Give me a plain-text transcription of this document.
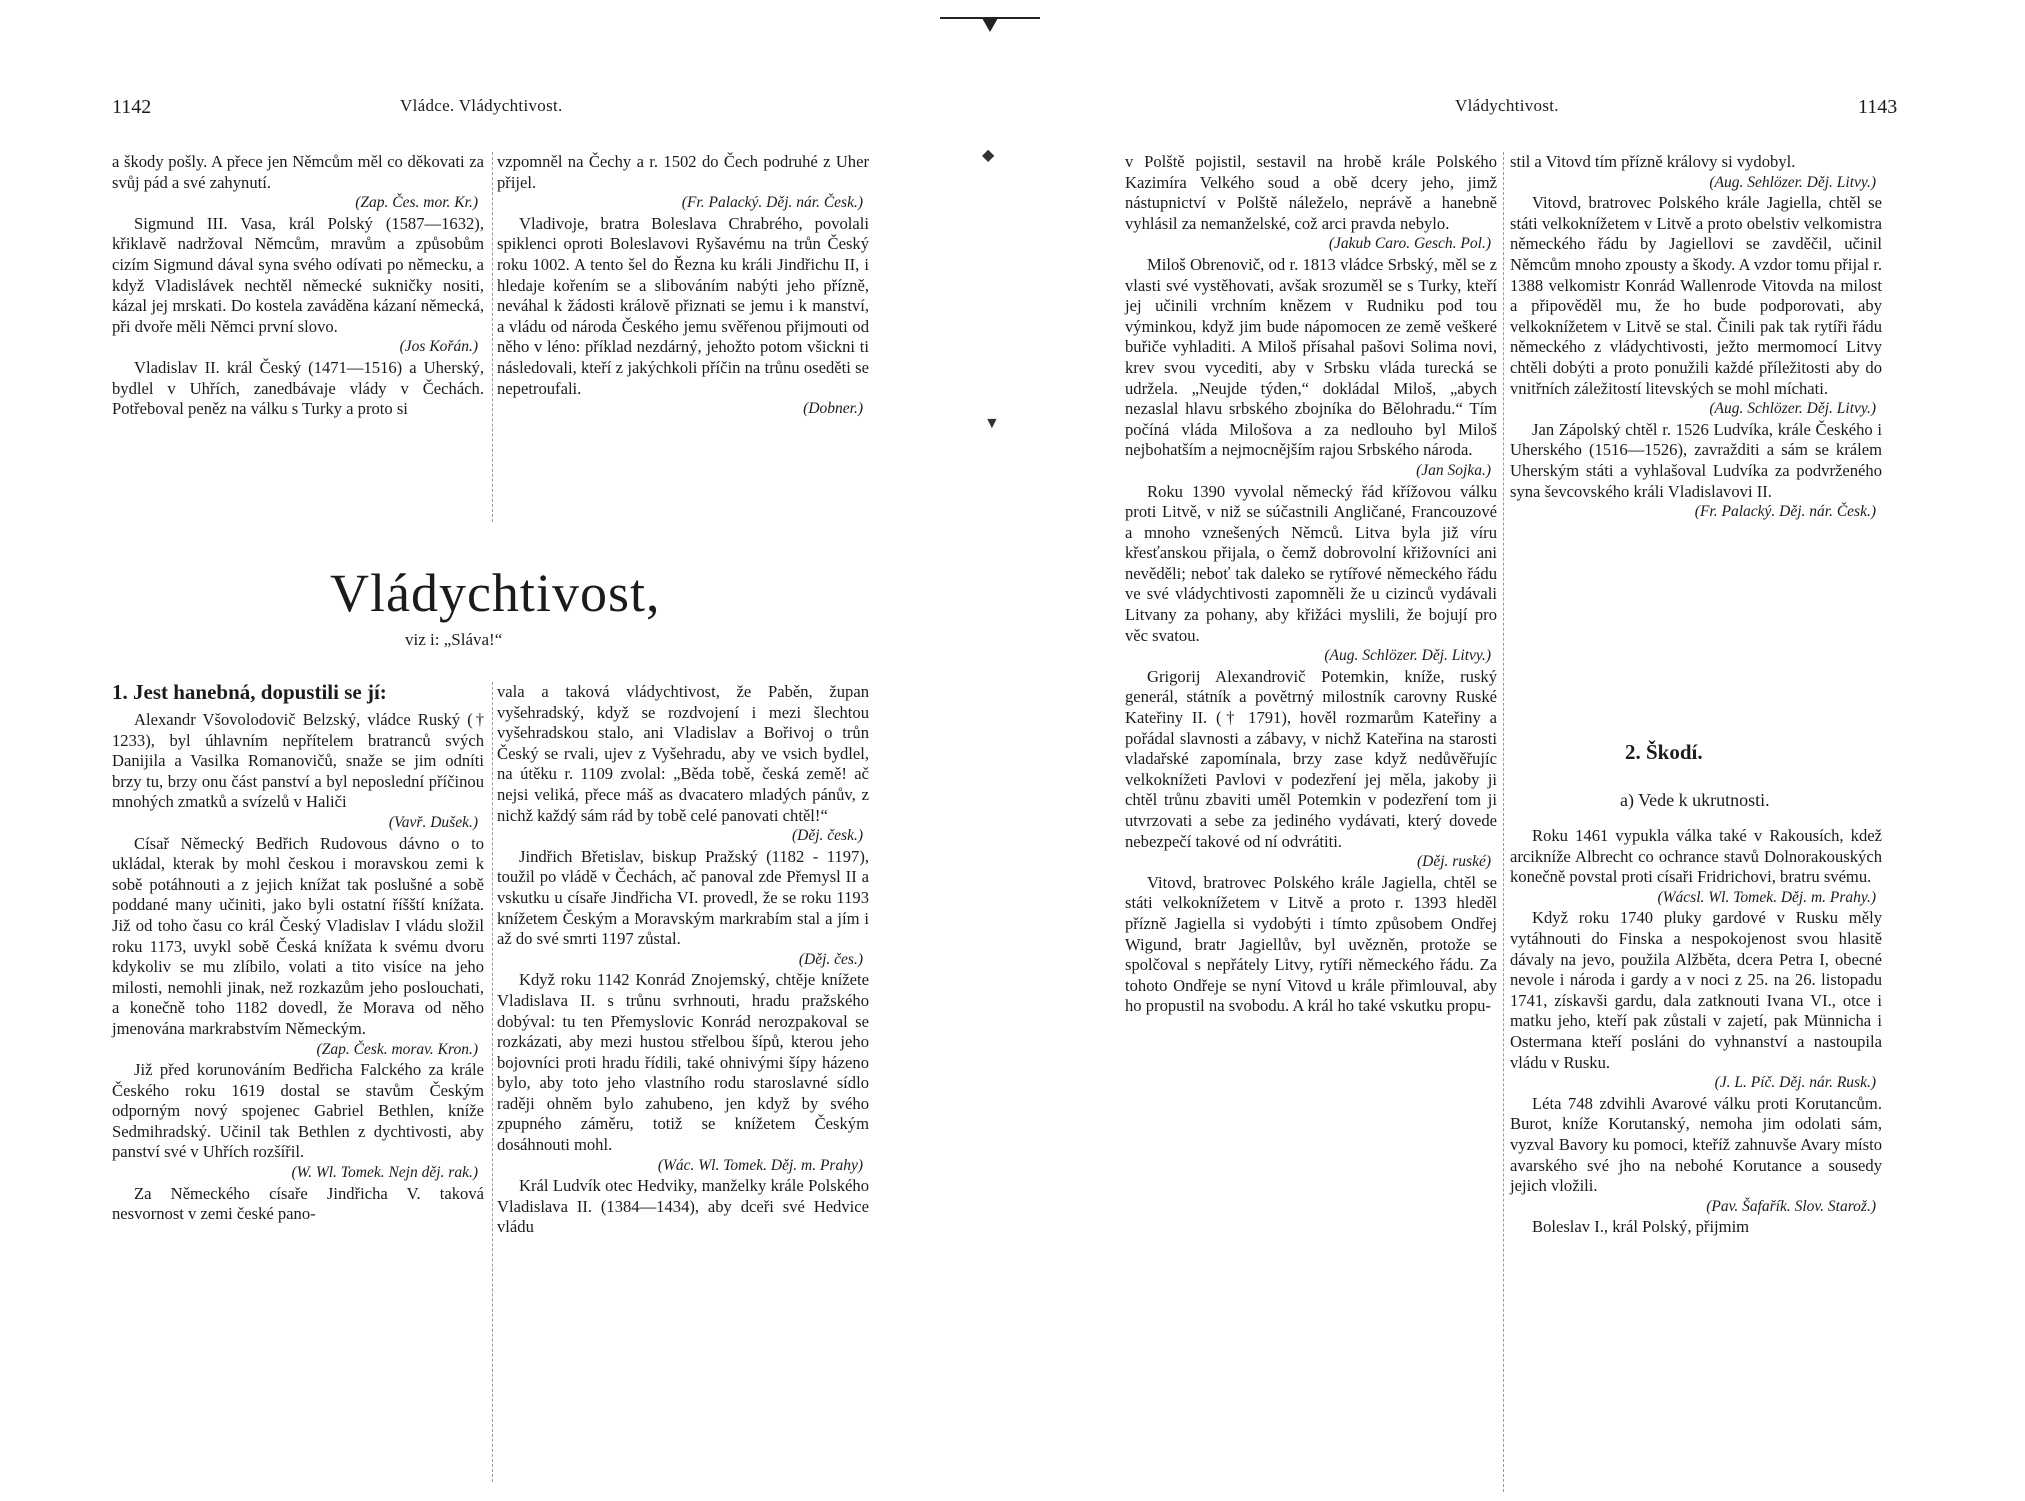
1142	Vládce. Vládychtivost.

a škody pošly. A přece jen Němcům měl co děkovati za svůj pád a své zahynutí.

(Zap. Čes. mor. Kr.)

Sigmund III. Vasa, král Polský (1587—1632), křiklavě nadržoval Němcům, mravům a způsobům cizím Sigmund dával syna svého odívati po německu, a když Vladislávek nechtěl německé sukničky nositi, kázal jej mrskati. Do kostela zaváděna kázaní německá, při dvoře měli Němci první slovo.

(Jos Kořán.)

Vladislav II. král Český (1471—1516) a Uherský, bydlel v Uhřích, zanedbávaje vlády v Čechách. Potřeboval peněz na válku s Turky a proto si

vzpomněl na Čechy a r. 1502 do Čech podruhé z Uher přijel.

(Fr. Palacký. Děj. nár. Česk.)

Vladivoje, bratra Boleslava Chrabrého, povolali spiklenci oproti Boleslavovi Ryšavému na trůn Český roku 1002. A tento šel do Řezna ku králi Jindřichu II, i hledaje kořením se a slibováním nabýti jeho přízně, neváhal k žádosti králově přiznati se jemu i k manství, a vládu od národa Českého jemu svěřenou přijmouti od něho v léno: příklad nezdárný, jehožto potom všickni ti následovali, kteří z jakýchkoli příčin na trůnu oseděti se nepetroufali.

(Dobner.)

Vládychtivost,
viz i: „Sláva!“
1. Jest hanebná, dopustili se jí:

Alexandr Všovolodovič Belzský, vládce Ruský († 1233), byl úhlavním nepřítelem bratranců svých Danijila a Vasilka Romanovičů, snaže se jim odníti brzy tu, brzy onu část panství a byl neposlední příčinou mnohých zmatků a svízelů v Haliči

(Vavř. Dušek.)

Císař Německý Bedřich Rudovous dávno o to ukládal, kterak by mohl českou i moravskou zemi k sobě potáhnouti a z jejich knížat tak poslušné a sobě poddané many učiniti, jako byli ostatní říšští knížata. Již od toho času co král Český Vladislav I vládu složil roku 1173, uvykl sobě Česká knížata k svému dvoru kdykoliv se mu zlíbilo, volati a tito visíce na jeho milosti, nemohli jinak, než rozkazům jeho poslouchati, a konečně toho 1182 dovedl, že Morava od něho jmenována markrabstvím Německým.

(Zap. Česk. morav. Kron.)

Již před korunováním Bedřicha Falckého za krále Českého roku 1619 dostal se stavům Českým odporným nový spojenec Gabriel Bethlen, kníže Sedmihradský. Učinil tak Bethlen z dychtivosti, aby panství své v Uhřích rozšířil.

(W. Wl. Tomek. Nejn děj. rak.)

Za Německého císaře Jindřicha V. taková nesvornost v zemi české pano-

vala a taková vládychtivost, že Paběn, župan vyšehradský, když se rozdvojení i mezi šlechtou vyšehradskou stalo, ani Vladislav a Bořivoj o trůn Český se rvali, ujev z Vyšehradu, aby ve vsich bydlel, na útěku r. 1109 zvolal: „Běda tobě, česká země! ač nejsi veliká, přece máš as dvacatero mladých pánův, z nichž každý sám rád by tobě celé panovati chtěl!“

(Děj. česk.)

Jindřich Břetislav, biskup Pražský (1182 - 1197), toužil po vládě v Čechách, ač panoval zde Přemysl II a vskutku u císaře Jindřicha VI. provedl, že se roku 1193 knížetem Českým a Moravským markrabím stal a jím i až do své smrti 1197 zůstal.

(Děj. čes.)

Když roku 1142 Konrád Znojemský, chtěje knížete Vladislava II. s trůnu svrhnouti, hradu pražského dobýval: tu ten Přemyslovic Konrád nerozpakoval se rozkázati, aby mezi hustou střelbou šípů, kterou jeho bojovníci proti hradu řídili, také ohnivými šípy házeno bylo, aby toto jeho vlastního rodu staroslavné sídlo raději ohněm bylo zahubeno, jen když by svého zpupného záměru, totiž se knížetem Českým dosáhnouti mohl.

(Wác. Wl. Tomek. Děj. m. Prahy)

Král Ludvík otec Hedviky, manželky krále Polského Vladislava II. (1384—1434), aby dceři své Hedvice vládu

◆
▼
Vládychtivost.	1143

v Polště pojistil, sestavil na hrobě krále Polského Kazimíra Velkého soud a obě dcery jeho, jimž nástupnictví v Polště náleželo, neprávě a hanebně vyhlásil za nemanželské, což arci pravda nebylo.

(Jakub Caro. Gesch. Pol.)

Miloš Obrenovič, od r. 1813 vládce Srbský, měl se z vlasti své vystěhovati, avšak srozuměl se s Turky, kteří jej učinili vrchním knězem v Rudniku pod tou výminkou, když jim bude nápomocen ze země veškeré buřiče vyhladiti. A Miloš přísahal pašovi Solima novi, krev svou vycediti, aby v Srbsku vláda turecká se udržela. „Neujde týden,“ dokládal Miloš, „abych nezaslal hlavu srbského zbojníka do Bělohradu.“ Tím počíná vláda Milošova a za nedlouho byl Miloš nejbohatším a nejmocnějším rajou Srbského národa.

(Jan Sojka.)

Roku 1390 vyvolal německý řád křížovou válku proti Litvě, v niž se súčastnili Angličané, Francouzové a mnoho vznešených Němců. Litva byla již víru křesťanskou přijala, o čemž dobrovolní křižovníci ani nevěděli; neboť tak daleko se rytířové německého řádu ve své vládychtivosti zapomněli že u cizinců vydávali Litvany za pohany, aby křižáci myslili, že bojují pro věc svatou.

(Aug. Schlözer. Děj. Litvy.)

Grigorij Alexandrovič Potemkin, kníže, ruský generál, státník a povětrný milostník carovny Ruské Kateřiny II. († 1791), hověl rozmarům Kateřiny a pořádal slavnosti a zábavy, v nichž Kateřina na starosti vladařské zapomínala, brzy zase když nedůvěřujíc velkoknížeti Pavlovi v podezření jej měla, jakoby ji chtěl trůnu zbaviti uměl Potemkin v podezření tom ji utvrzovati a sebe za jediného vydávati, který dovede nebezpečí takové od ní odvrátiti.

(Děj. ruské)

Vitovd, bratrovec Polského krále Jagiella, chtěl se státi velkoknížetem v Litvě a proto r. 1393 hleděl přízně Jagiella si vydobýti i tímto způsobem Ondřej Wigund, bratr Jagiellův, byl uvězněn, protože se spolčoval s nepřátely Litvy, rytíři německého řádu. Za tohoto Ondřeje se nyní Vitovd u krále přimlouval, aby ho propustil na svobodu. A král ho také vskutku propu-

stil a Vitovd tím přízně královy si vydobyl.

(Aug. Sehlözer. Děj. Litvy.)

Vitovd, bratrovec Polského krále Jagiella, chtěl se státi velkoknížetem v Litvě a proto obelstiv velkomistra německého řádu by Jagiellovi se zavděčil, učinil Němcům mnoho zpousty a škody. A vzdor tomu přijal r. 1388 velkomistr Konrád Wallenrode Vitovda na milost a připověděl mu, že ho bude podporovati, aby velkoknížetem v Litvě se stal. Činili pak tak rytíři řádu německého z vládychtivosti, ježto mermomocí Litvy chtěli dobýti a proto ponužili každé příležitosti aby do vnitřních záležitostí litevských se mohl míchati.

(Aug. Schlözer. Děj. Litvy.)

Jan Zápolský chtěl r. 1526 Ludvíka, krále Českého i Uherského (1516—1526), zavražditi a sám se králem Uherským státi a vyhlašoval Ludvíka za podvrženého syna ševcovského králi Vladislavovi II.

(Fr. Palacký. Děj. nár. Česk.)

2. Škodí.
a) Vede k ukrutnosti.

Roku 1461 vypukla válka také v Rakousích, kdež arcikníže Albrecht co ochrance stavů Dolnorakouských konečně povstal proti císaři Fridrichovi, bratru svému.

(Wácsl. Wl. Tomek. Děj. m. Prahy.)

Když roku 1740 pluky gardové v Rusku měly vytáhnouti do Finska a nespokojenost svou hlasitě dávaly na jevo, použila Alžběta, dcera Petra I, obecné nevole i národa i gardy a v noci z 25. na 26. listopadu 1741, získavši gardu, dala zatknouti Ivana VI., otce i matku jeho, kteří pak zůstali v zajetí, pak Münnicha i Ostermana kteří posláni do vyhnanství a nastoupila vládu v Rusku.

(J. L. Píč. Děj. nár. Rusk.)

Léta 748 zdvihli Avarové válku proti Korutancům. Burot, kníže Korutanský, nemoha jim odolati sám, vyzval Bavory ku pomoci, kteříž zahnuvše Avary místo avarského své jho na nebohé Korutance a sousedy jejich vložili.

(Pav. Šafařík. Slov. Starož.)

Boleslav I., král Polský, přijmim
